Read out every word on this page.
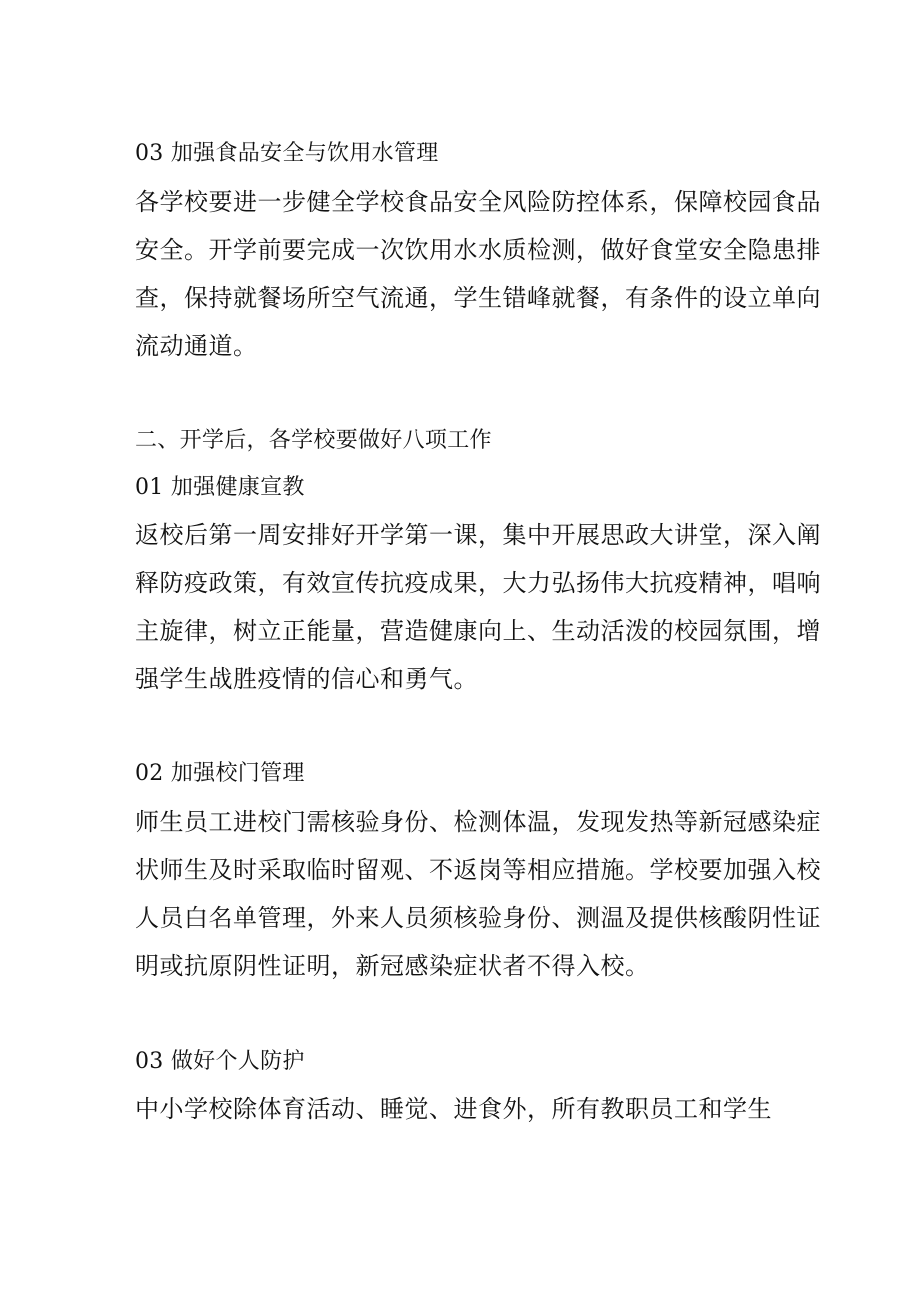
03 加强食品安全与饮用水管理
各学校要进一步健全学校食品安全风险防控体系，保障校园食品
安全。开学前要完成一次饮用水水质检测，做好食堂安全隐患排
查，保持就餐场所空气流通，学生错峰就餐，有条件的设立单向
流动通道。
二、开学后，各学校要做好八项工作
01 加强健康宣教
返校后第一周安排好开学第一课，集中开展思政大讲堂，深入阐
释防疫政策，有效宣传抗疫成果，大力弘扬伟大抗疫精神，唱响
主旋律，树立正能量，营造健康向上、生动活泼的校园氛围，增
强学生战胜疫情的信心和勇气。
02 加强校门管理
师生员工进校门需核验身份、检测体温，发现发热等新冠感染症
状师生及时采取临时留观、不返岗等相应措施。学校要加强入校
人员白名单管理，外来人员须核验身份、测温及提供核酸阴性证
明或抗原阴性证明，新冠感染症状者不得入校。
03 做好个人防护
中小学校除体育活动、睡觉、进食外，所有教职员工和学生
